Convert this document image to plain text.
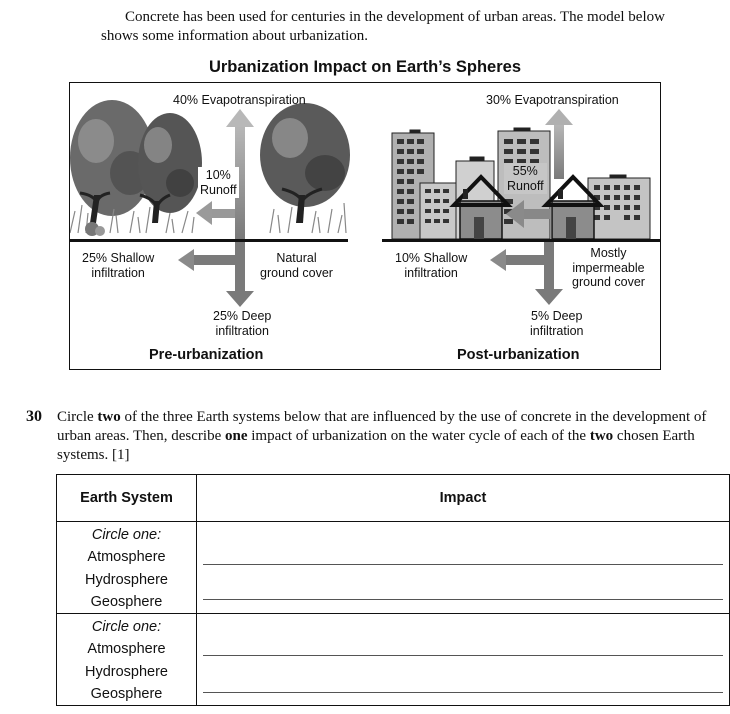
Concrete has been used for centuries in the development of urban areas. The model below shows some information about urbanization.
Urbanization Impact on Earth’s Spheres
40% Evapotranspiration
10%
Runoff
25% Shallow
infiltration
Natural
ground cover
25% Deep
infiltration
Pre-urbanization
30% Evapotranspiration
55%
Runoff
10% Shallow
infiltration
Mostly
impermeable
ground cover
5% Deep
infiltration
Post-urbanization
30 Circle two of the three Earth systems below that are influenced by the use of concrete in the development of urban areas. Then, describe one impact of urbanization on the water cycle of each of the two chosen Earth systems. [1]
Earth System	Impact

Circle one:
Atmosphere
Hydrosphere
Geosphere	

Circle one:
Atmosphere
Hydrosphere
Geosphere	
